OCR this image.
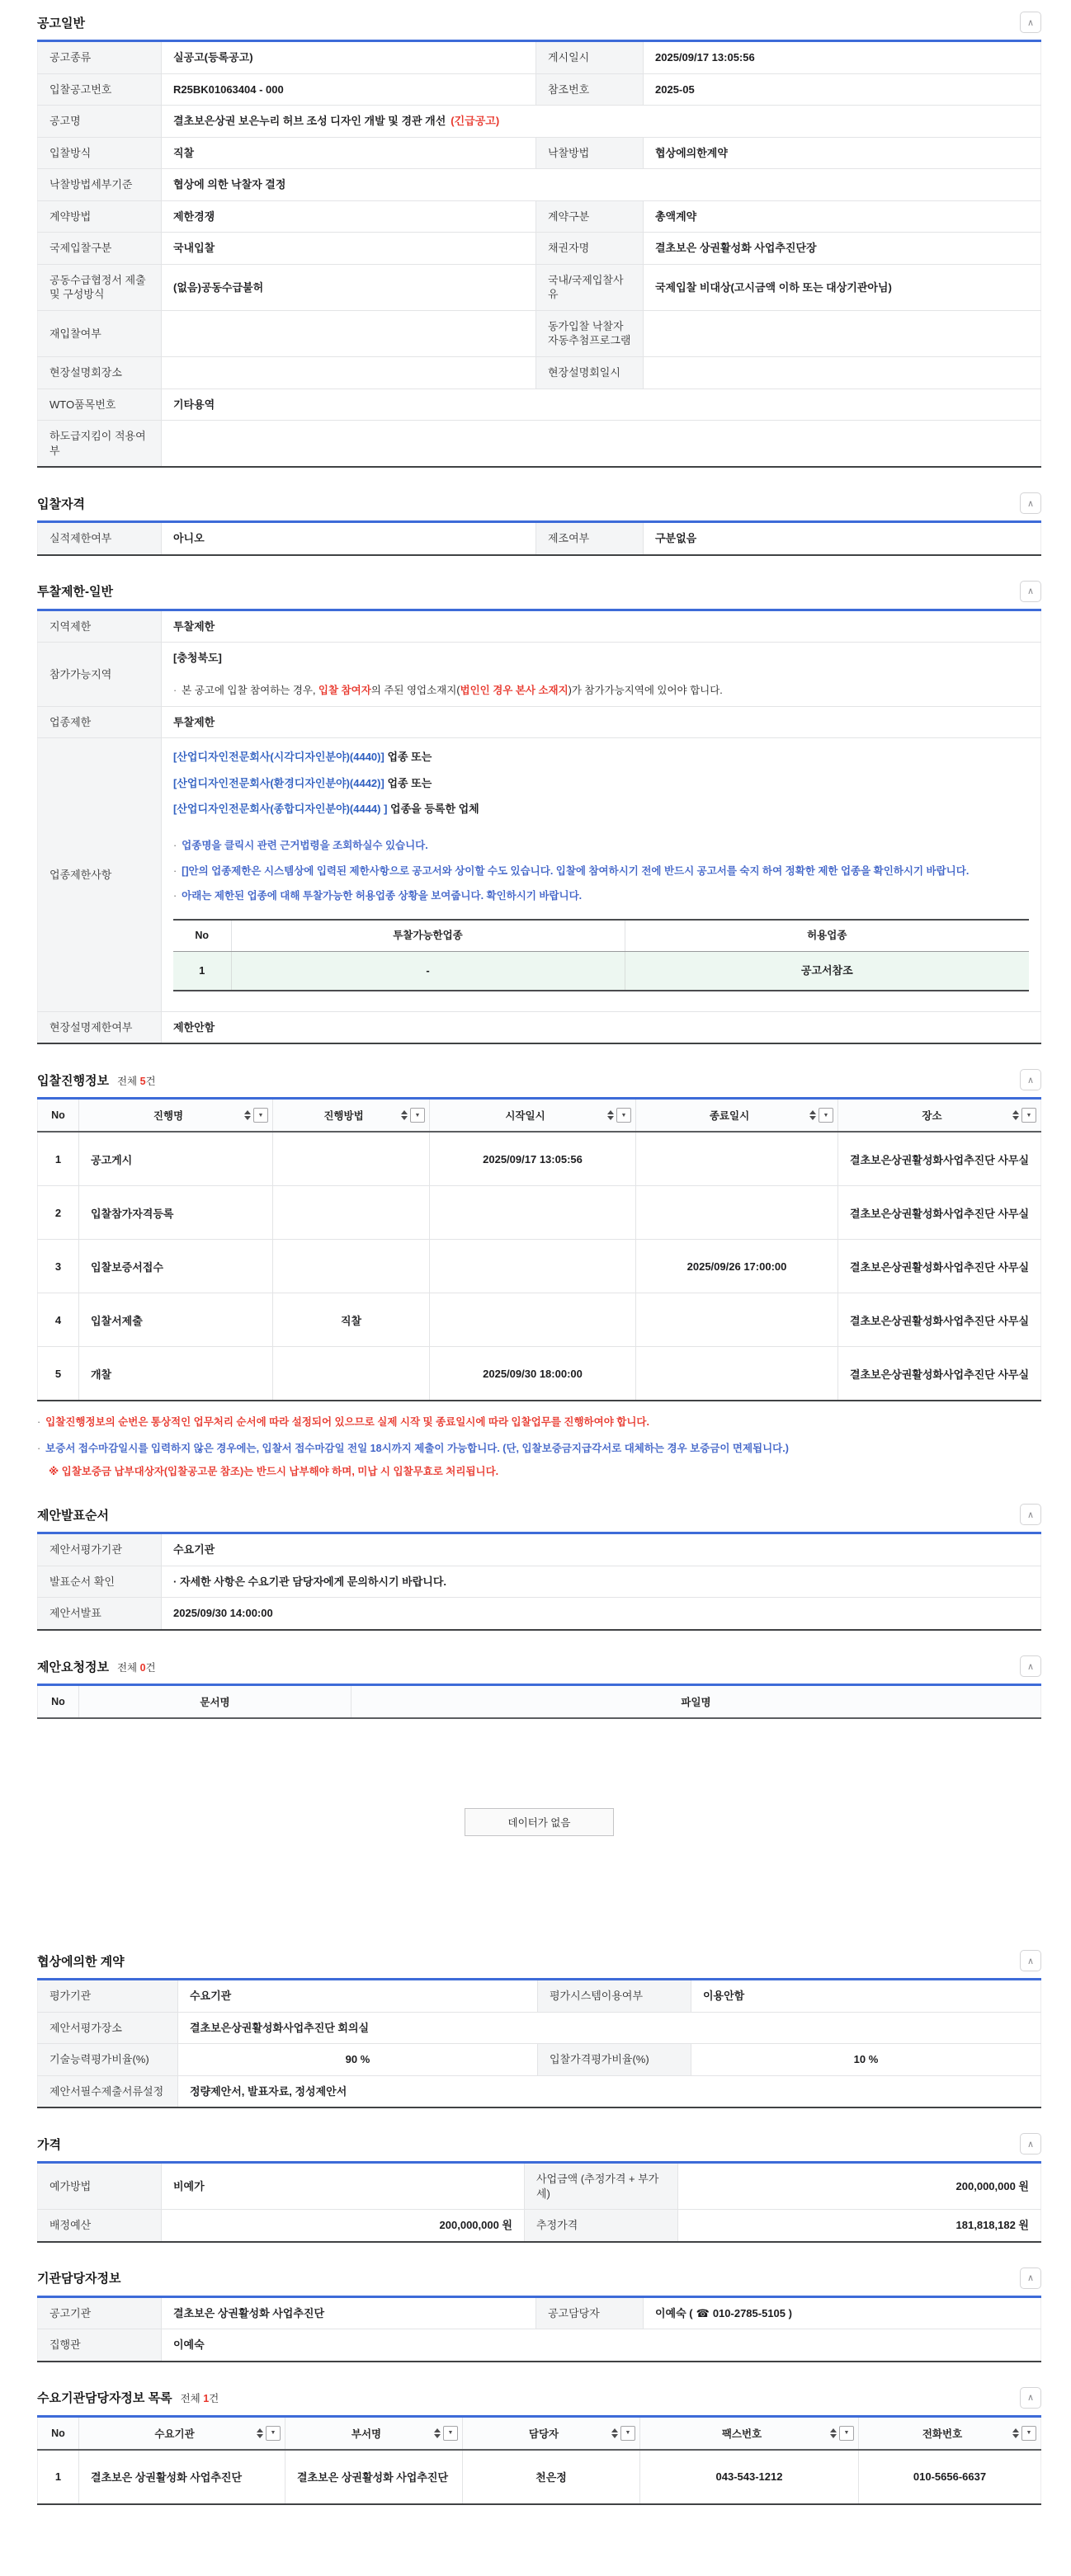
공고일반	∧
공고종류	실공고(등록공고)	게시일시	2025/09/17 13:05:56
입찰공고번호	R25BK01063404 - 000	참조번호	2025-05
공고명	결초보은상권 보은누리 허브 조성 디자인 개발 및 경관 개선 (긴급공고)		
입찰방식	직찰	낙찰방법	협상에의한계약
낙찰방법세부기준	협상에 의한 낙찰자 결정		
계약방법	제한경쟁	계약구분	총액계약
국제입찰구분	국내입찰	채권자명	결초보은 상권활성화 사업추진단장
공동수급협정서 제출 및 구성방식	(없음)공동수급불허	국내/국제입찰사유	국제입찰 비대상(고시금액 이하 또는 대상기관아님)
재입찰여부		동가입찰 낙찰자 자동추첨프로그램	
현장설명회장소		현장설명회일시	
WTO품목번호	기타용역		
하도급지킴이 적용여부			
입찰자격	∧
실적제한여부	아니오	제조여부	구분없음
투찰제한-일반	∧
지역제한	투찰제한
참가가능지역	
[충청북도]
· 본 공고에 입찰 참여하는 경우, 입찰 참여자의 주된 영업소재지(법인인 경우 본사 소재지)가 참가가능지역에 있어야 합니다.

업종제한	투찰제한
업종제한사항	
[산업디자인전문회사(시각디자인분야)(4440)] 업종 또는
[산업디자인전문회사(환경디자인분야)(4442)] 업종 또는
[산업디자인전문회사(종합디자인분야)(4444) ] 업종을 등록한 업체
· 업종명을 클릭시 관련 근거법령을 조회하실수 있습니다.
· []안의 업종제한은 시스템상에 입력된 제한사항으로 공고서와 상이할 수도 있습니다. 입찰에 참여하시기 전에 반드시 공고서를 숙지 하여 정확한 제한 업종을 확인하시기 바랍니다.
· 아래는 제한된 업종에 대해 투찰가능한 허용업종 상황을 보여줍니다. 확인하시기 바랍니다.
No	투찰가능한업종	허용업종
1	-	공고서참조

현장설명제한여부	제한안함
입찰진행정보 전체 5건	∧
No	진행명 ▼	진행방법 ▼	시작일시 ▼	종료일시 ▼	장소 ▼

1	공고게시		2025/09/17 13:05:56		결초보은상권활성화사업추진단 사무실
2	입찰참가자격등록				결초보은상권활성화사업추진단 사무실
3	입찰보증서접수			2025/09/26 17:00:00	결초보은상권활성화사업추진단 사무실
4	입찰서제출	직찰			결초보은상권활성화사업추진단 사무실
5	개찰		2025/09/30 18:00:00		결초보은상권활성화사업추진단 사무실
· 입찰진행정보의 순번은 통상적인 업무처리 순서에 따라 설정되어 있으므로 실제 시작 및 종료일시에 따라 입찰업무를 진행하여야 합니다.
· 보증서 접수마감일시를 입력하지 않은 경우에는, 입찰서 접수마감일 전일 18시까지 제출이 가능합니다. (단, 입찰보증금지급각서로 대체하는 경우 보증금이 면제됩니다.)
※ 입찰보증금 납부대상자(입찰공고문 참조)는 반드시 납부해야 하며, 미납 시 입찰무효로 처리됩니다.
제안발표순서	∧
제안서평가기관	수요기관
발표순서 확인	· 자세한 사항은 수요기관 담당자에게 문의하시기 바랍니다.
제안서발표	2025/09/30 14:00:00
제안요청정보 전체 0건	∧
No	문서명	파일명
데이터가 없음
협상에의한 계약	∧
평가기관	수요기관	평가시스템이용여부	이용안함
제안서평가장소	결초보은상권활성화사업추진단 회의실		
기술능력평가비율(%)	90 %	입찰가격평가비율(%)	10 %
제안서필수제출서류설정	정량제안서, 발표자료, 정성제안서		
가격	∧
예가방법	비예가	사업금액 (추정가격 + 부가세)	200,000,000 원
배정예산	200,000,000 원	추정가격	181,818,182 원
기관담당자정보	∧
공고기관	결초보은 상권활성화 사업추진단	공고담당자	이예숙 ( ☎ 010-2785-5105 )
집행관	이예숙		
수요기관담당자정보 목록 전체 1건	∧
No	수요기관 ▼	부서명 ▼	담당자 ▼	팩스번호 ▼	전화번호 ▼

1	결초보은 상권활성화 사업추진단	결초보은 상권활성화 사업추진단	천은정	043-543-1212	010-5656-6637
